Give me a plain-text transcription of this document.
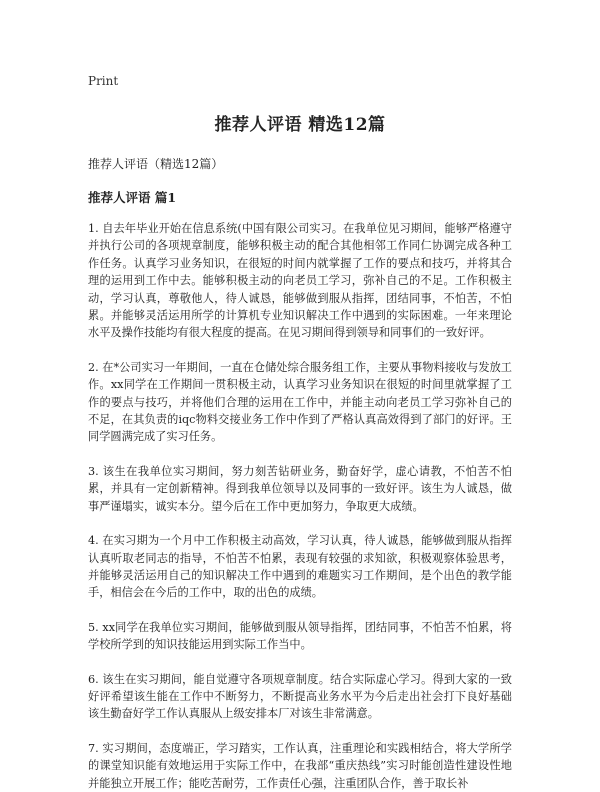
Print
推荐人评语 精选12篇

推荐人评语（精选12篇）

推荐人评语 篇1

1. 自去年毕业开始在信息系统(中国有限公司实习。在我单位见习期间，能够严格遵守并执行公司的各项规章制度，能够积极主动的配合其他相邻工作同仁协调完成各种工作任务。认真学习业务知识，在很短的时间内就掌握了工作的要点和技巧，并将其合理的运用到工作中去。能够积极主动的向老员工学习，弥补自己的不足。工作积极主动，学习认真，尊敬他人，待人诚恳，能够做到服从指挥，团结同事，不怕苦，不怕累。并能够灵活运用所学的计算机专业知识解决工作中遇到的实际困难。一年来理论水平及操作技能均有很大程度的提高。在见习期间得到领导和同事们的一致好评。

2. 在*公司实习一年期间，一直在仓储处综合服务组工作，主要从事物料接收与发放工作。xx同学在工作期间一贯积极主动，认真学习业务知识在很短的时间里就掌握了工作的要点与技巧，并将他们合理的运用在工作中，并能主动向老员工学习弥补自己的不足，在其负责的iqc物料交接业务工作中作到了严格认真高效得到了部门的好评。王同学圆满完成了实习任务。

3. 该生在我单位实习期间，努力刻苦钻研业务，勤奋好学，虚心请教，不怕苦不怕累，并具有一定创新精神。得到我单位领导以及同事的一致好评。该生为人诚恳，做事严谨塌实，诚实本分。望今后在工作中更加努力，争取更大成绩。

4. 在实习期为一个月中工作积极主动高效，学习认真，待人诚恳，能够做到服从指挥认真听取老同志的指导，不怕苦不怕累，表现有较强的求知欲，积极观察体验思考，并能够灵活运用自己的知识解决工作中遇到的难题实习工作期间，是个出色的教学能手，相信会在今后的工作中，取的出色的成绩。

5. xx同学在我单位实习期间，能够做到服从领导指挥，团结同事，不怕苦不怕累，将学校所学到的知识技能运用到实际工作当中。

6. 该生在实习期间，能自觉遵守各项规章制度。结合实际虚心学习。得到大家的一致好评希望该生能在工作中不断努力，不断提高业务水平为今后走出社会打下良好基础该生勤奋好学工作认真服从上级安排本厂对该生非常满意。

7. 实习期间，态度端正，学习踏实，工作认真，注重理论和实践相结合，将大学所学的课堂知识能有效地运用于实际工作中，在我部“重庆热线”实习时能创造性建设性地并能独立开展工作；能吃苦耐劳，工作责任心强，注重团队合作，善于取长补
